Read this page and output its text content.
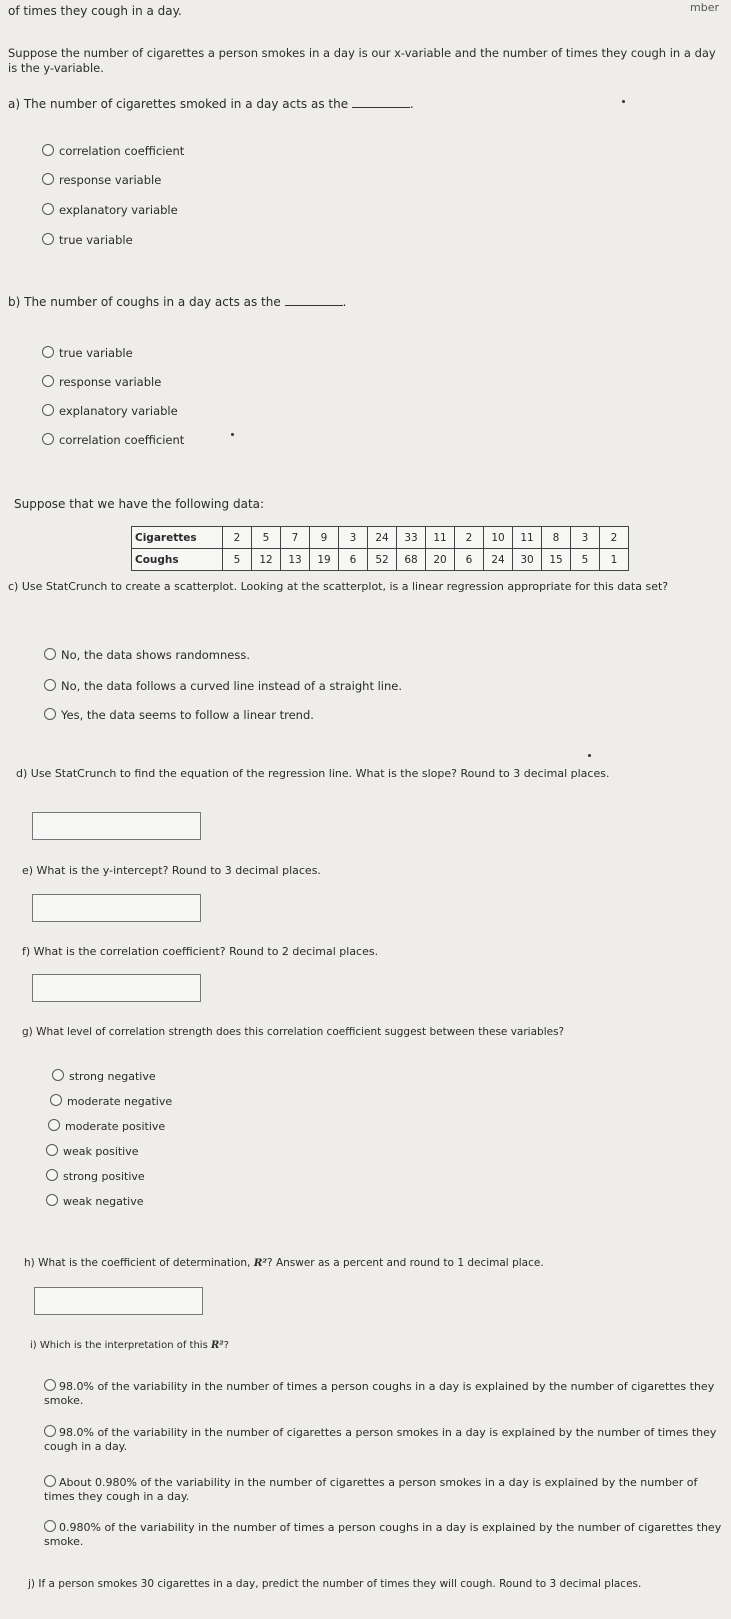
of times they cough in a day.	mber
Suppose the number of cigarettes a person smokes in a day is our x-variable and the number of times they cough in a day is the y-variable.
a) The number of cigarettes smoked in a day acts as the	.
correlation coefficient
response variable
explanatory variable
true variable
b) The number of coughs in a day acts as the	.
true variable
response variable
explanatory variable
correlation coefficient
Suppose that we have the following data:
Cigarettes	2	5	7	9	3	24	33	11	2	10	11	8	3	2
Coughs	5	12	13	19	6	52	68	20	6	24	30	15	5	1
c) Use StatCrunch to create a scatterplot. Looking at the scatterplot, is a linear regression appropriate for this data set?
No, the data shows randomness.
No, the data follows a curved line instead of a straight line.
Yes, the data seems to follow a linear trend.
d) Use StatCrunch to find the equation of the regression line. What is the slope? Round to 3 decimal places.
e) What is the y-intercept? Round to 3 decimal places.
f) What is the correlation coefficient? Round to 2 decimal places.
g) What level of correlation strength does this correlation coefficient suggest between these variables?
strong negative
moderate negative
moderate positive
weak positive
strong positive
weak negative
h) What is the coefficient of determination, R²? Answer as a percent and round to 1 decimal place.
i) Which is the interpretation of this R²?
98.0% of the variability in the number of times a person coughs in a day is explained by the number of cigarettes they smoke.
98.0% of the variability in the number of cigarettes a person smokes in a day is explained by the number of times they cough in a day.
About 0.980% of the variability in the number of cigarettes a person smokes in a day is explained by the number of times they cough in a day.
0.980% of the variability in the number of times a person coughs in a day is explained by the number of cigarettes they smoke.
j) If a person smokes 30 cigarettes in a day, predict the number of times they will cough. Round to 3 decimal places.
